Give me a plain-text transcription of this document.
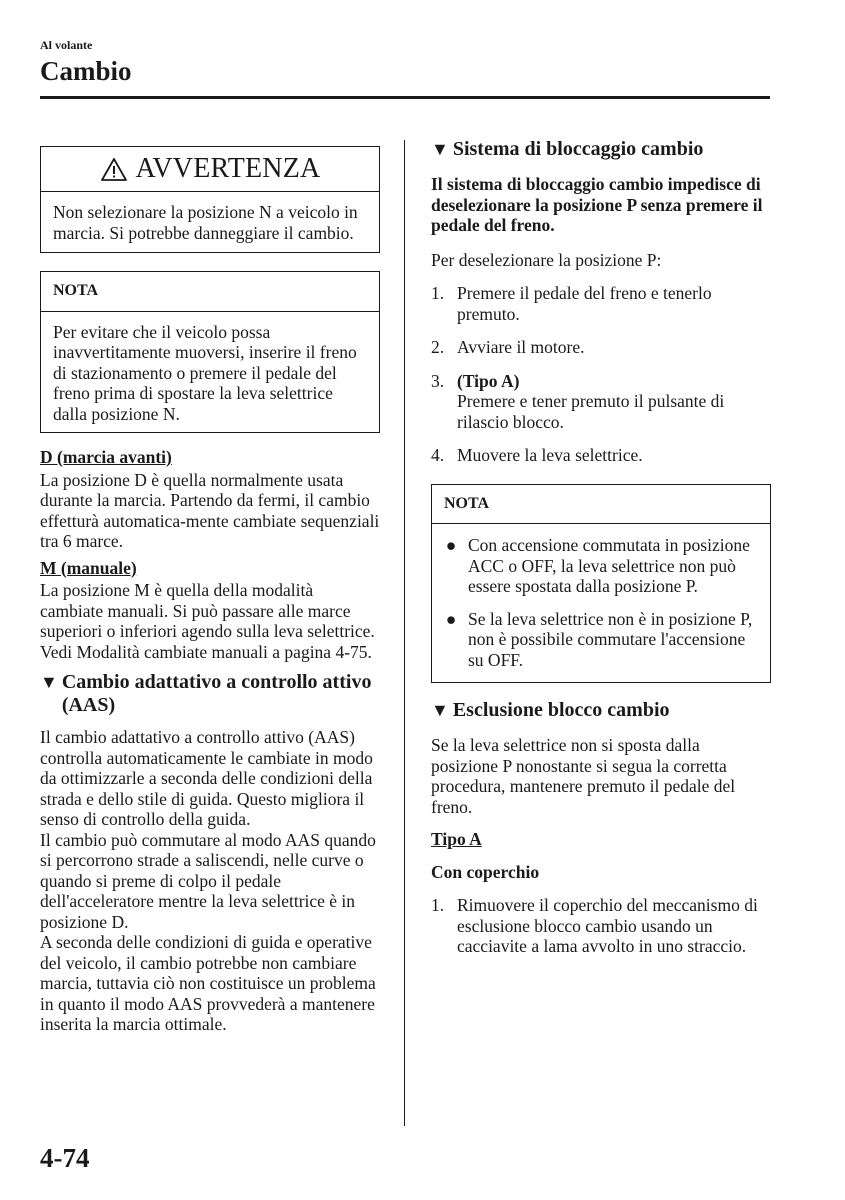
Al volante
Cambio
AVVERTENZA
Non selezionare la posizione N a veicolo in marcia. Si potrebbe danneggiare il cambio.
NOTA
Per evitare che il veicolo possa inavvertitamente muoversi, inserire il freno di stazionamento o premere il pedale del freno prima di spostare la leva selettrice dalla posizione N.
D (marcia avanti)

La posizione D è quella normalmente usata durante la marcia. Partendo da fermi, il cambio effetturà automatica-mente cambiate sequenziali tra 6 marce.

M (manuale)

La posizione M è quella della modalità cambiate manuali. Si può passare alle marce superiori o inferiori agendo sulla leva selettrice.

Vedi Modalità cambiate manuali a pagina 4-75.

▼ Cambio adattativo a controllo attivo (AAS)

Il cambio adattativo a controllo attivo (AAS) controlla automaticamente le cambiate in modo da ottimizzarle a seconda delle condizioni della strada e dello stile di guida. Questo migliora il senso di controllo della guida.

Il cambio può commutare al modo AAS quando si percorrono strade a saliscendi, nelle curve o quando si preme di colpo il pedale dell'acceleratore mentre la leva selettrice è in posizione D.

A seconda delle condizioni di guida e operative del veicolo, il cambio potrebbe non cambiare marcia, tuttavia ciò non costituisce un problema in quanto il modo AAS provvederà a mantenere inserita la marcia ottimale.

▼ Sistema di bloccaggio cambio

Il sistema di bloccaggio cambio impedisce di deselezionare la posizione P senza premere il pedale del freno.

Per deselezionare la posizione P:

1. Premere il pedale del freno e tenerlo premuto.
2. Avviare il motore.
3. (Tipo A)
Premere e tener premuto il pulsante di rilascio blocco.
4. Muovere la leva selettrice.
NOTA
● Con accensione commutata in posizione ACC o OFF, la leva selettrice non può essere spostata dalla posizione P.
● Se la leva selettrice non è in posizione P, non è possibile commutare l'accensione su OFF.
▼ Esclusione blocco cambio

Se la leva selettrice non si sposta dalla posizione P nonostante si segua la corretta procedura, mantenere premuto il pedale del freno.

Tipo A
Con coperchio
1. Rimuovere il coperchio del meccanismo di esclusione blocco cambio usando un cacciavite a lama avvolto in uno straccio.
4-74
